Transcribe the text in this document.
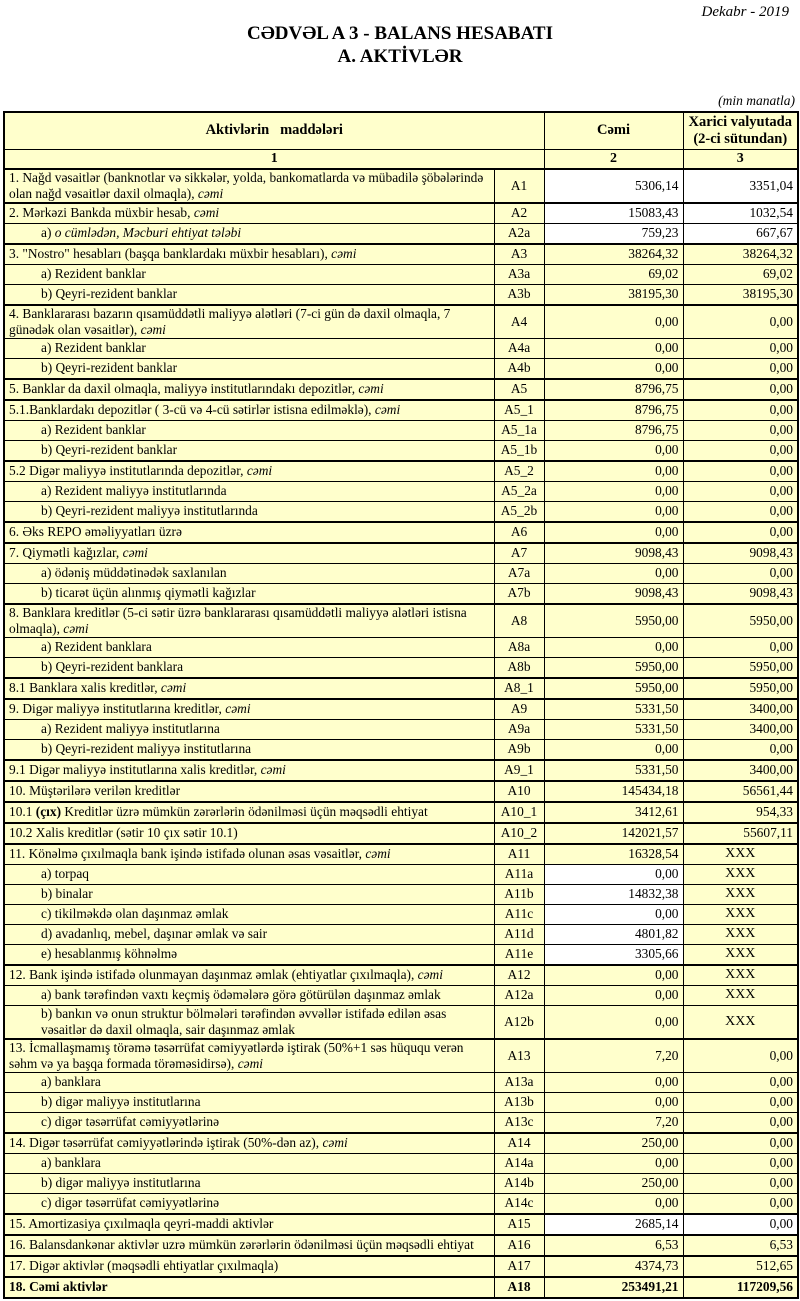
Dekabr - 2019
CƏDVƏL A 3 - BALANS HESABATI
A. AKTİVLƏR
(min manatla)
Aktivlərin   maddələri		Cəmi	Xarici valyutada
(2-ci sütundan)

1		2	3
1. Nağd vəsaitlər (banknotlar və sikkələr, yolda, bankomatlarda və mübadilə şöbələrində olan nağd vəsaitlər daxil olmaqla), cəmi	A1	5306,14	3351,04
2. Mərkəzi Bankda müxbir hesab, cəmi	A2	15083,43	1032,54
a) o cümlədən, Məcburi ehtiyat tələbi	A2a	759,23	667,67
3. "Nostro" hesabları (başqa banklardakı müxbir hesabları), cəmi	A3	38264,32	38264,32
a) Rezident banklar	A3a	69,02	69,02
b) Qeyri-rezident banklar	A3b	38195,30	38195,30
4. Banklararası bazarın qısamüddətli maliyyə alətləri (7-ci gün də daxil olmaqla, 7 günədək olan vəsaitlər), cəmi	A4	0,00	0,00
a) Rezident banklar	A4a	0,00	0,00
b) Qeyri-rezident banklar	A4b	0,00	0,00
5. Banklar da daxil olmaqla, maliyyə institutlarındakı depozitlər, cəmi	A5	8796,75	0,00
5.1.Banklardakı depozitlər ( 3-cü və 4-cü sətirlər istisna edilməklə), cəmi	A5_1	8796,75	0,00
a) Rezident banklar	A5_1a	8796,75	0,00
b) Qeyri-rezident banklar	A5_1b	0,00	0,00
5.2 Digər maliyyə institutlarında depozitlər, cəmi	A5_2	0,00	0,00
a) Rezident maliyyə institutlarında	A5_2a	0,00	0,00
b) Qeyri-rezident maliyyə institutlarında	A5_2b	0,00	0,00
6. Əks REPO əməliyyatları üzrə	A6	0,00	0,00
7. Qiymətli kağızlar, cəmi	A7	9098,43	9098,43
a) ödəniş müddətinədək saxlanılan	A7a	0,00	0,00
b) ticarət üçün alınmış qiymətli kağızlar	A7b	9098,43	9098,43
8. Banklara kreditlər (5-ci sətir üzrə banklararası qısamüddətli maliyyə alətləri istisna olmaqla), cəmi	A8	5950,00	5950,00
a) Rezident banklara	A8a	0,00	0,00
b) Qeyri-rezident banklara	A8b	5950,00	5950,00
8.1 Banklara xalis kreditlər, cəmi	A8_1	5950,00	5950,00
9. Digər maliyyə institutlarına kreditlər, cəmi	A9	5331,50	3400,00
a) Rezident maliyyə institutlarına	A9a	5331,50	3400,00
b) Qeyri-rezident maliyyə institutlarına	A9b	0,00	0,00
9.1 Digər maliyyə institutlarına xalis kreditlər, cəmi	A9_1	5331,50	3400,00
10. Müştərilərə verilən kreditlər	A10	145434,18	56561,44
10.1 (çıx) Kreditlər üzrə mümkün zərərlərin ödənilməsi üçün məqsədli ehtiyat	A10_1	3412,61	954,33
10.2 Xalis kreditlər (sətir 10 çıx sətir 10.1)	A10_2	142021,57	55607,11
11. Könəlmə çıxılmaqla bank işində istifadə olunan əsas vəsaitlər, cəmi	A11	16328,54	XXX
a) torpaq	A11a	0,00	XXX
b) binalar	A11b	14832,38	XXX
c) tikilməkdə olan daşınmaz əmlak	A11c	0,00	XXX
d) avadanlıq, mebel, daşınar əmlak və sair	A11d	4801,82	XXX
e) hesablanmış köhnəlmə	A11e	3305,66	XXX
12. Bank işində istifadə olunmayan daşınmaz əmlak (ehtiyatlar çıxılmaqla), cəmi	A12	0,00	XXX
a) bank tərəfindən vaxtı keçmiş ödəmələrə görə götürülən daşınmaz əmlak	A12a	0,00	XXX
b) bankın və onun struktur bölmələri tərəfindən əvvəllər istifadə edilən əsas vəsaitlər də daxil olmaqla, sair daşınmaz əmlak	A12b	0,00	XXX
13. İcmallaşmamış törəmə təsərrüfat cəmiyyətlərdə iştirak (50%+1 səs hüququ verən səhm və ya başqa formada törəməsidirsə), cəmi	A13	7,20	0,00
a) banklara	A13a	0,00	0,00
b) digər maliyyə institutlarına	A13b	0,00	0,00
c) digər təsərrüfat cəmiyyətlərinə	A13c	7,20	0,00
14. Digər təsərrüfat cəmiyyətlərində iştirak (50%-dən az), cəmi	A14	250,00	0,00
a) banklara	A14a	0,00	0,00
b) digər maliyyə institutlarına	A14b	250,00	0,00
c) digər təsərrüfat cəmiyyətlərinə	A14c	0,00	0,00
15. Amortizasiya çıxılmaqla qeyri-maddi aktivlər	A15	2685,14	0,00
16. Balansdankənar aktivlər uzrə mümkün zərərlərin ödənilməsi üçün məqsədli ehtiyat	A16	6,53	6,53
17. Digər aktivlər (məqsədli ehtiyatlar çıxılmaqla)	A17	4374,73	512,65
18. Cəmi aktivlər	A18	253491,21	117209,56
